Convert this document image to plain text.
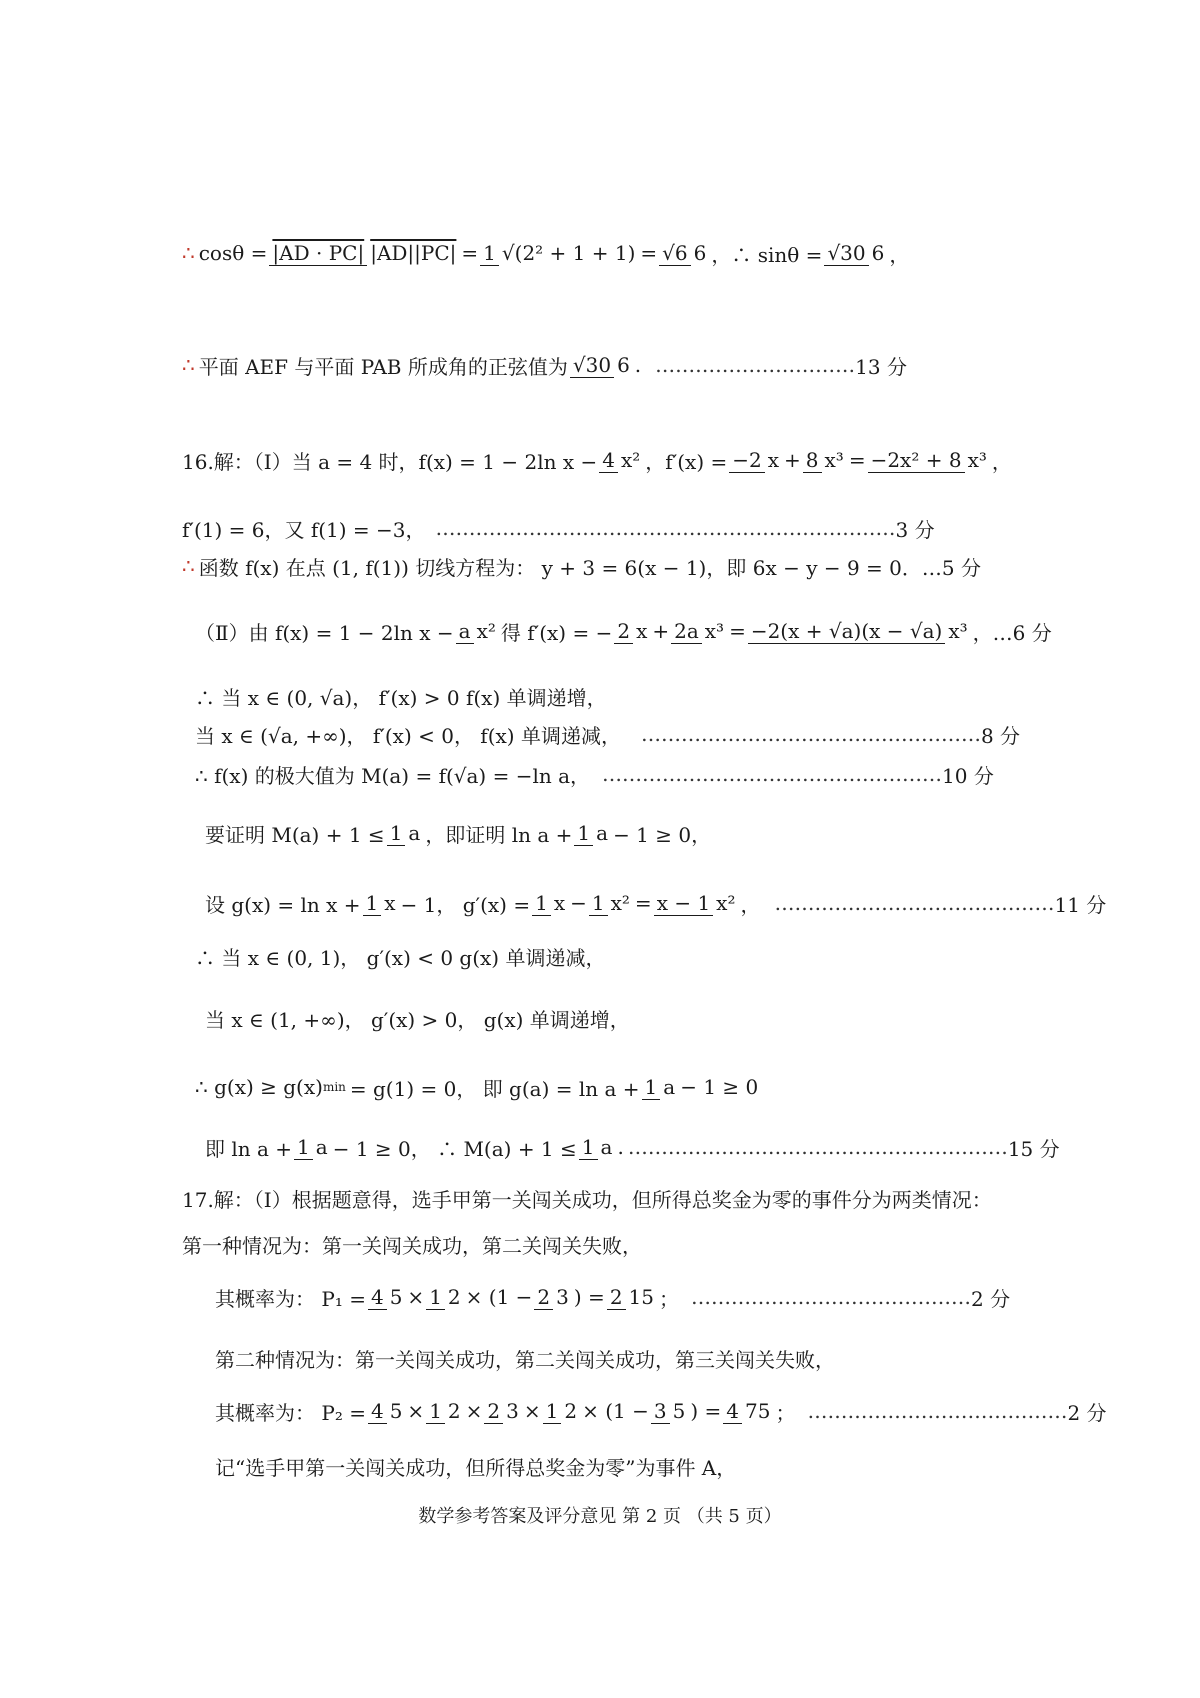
∴ cosθ = |AD · PC| |AD||PC| = 1 √(2² + 1 + 1) = √6 6 ，∴ sinθ = √30 6 ，
∴ 平面 AEF 与平面 PAB 所成角的正弦值为 √30 6 . ………………………… 13 分
16.解：（Ⅰ）当 a = 4 时，f(x) = 1 − 2ln x − 4 x² ，f′(x) = −2 x + 8 x³ = −2x² + 8 x³ ，
f′(1) = 6，又 f(1) = −3， …………………………………………………………… 3 分
∴ 函数 f(x) 在点 (1, f(1)) 切线方程为： y + 3 = 6(x − 1)，即 6x − y − 9 = 0．…5 分
（Ⅱ）由 f(x) = 1 − 2ln x − a x² 得 f′(x) = − 2 x + 2a x³ = −2(x + √a)(x − √a) x³ ，…6 分
∴ 当 x ∈ (0, √a)， f′(x) > 0 f(x) 单调递增，
当 x ∈ (√a, +∞)， f′(x) < 0， f(x) 单调递减， …………………………………………… 8 分
∴ f(x) 的极大值为 M(a) = f(√a) = −ln a， …………………………………………… 10 分
要证明 M(a) + 1 ≤ 1 a ，即证明 ln a + 1 a − 1 ≥ 0，
设 g(x) = ln x + 1 x − 1， g′(x) = 1 x − 1 x² = x − 1 x² ， …………………………………… 11 分
∴ 当 x ∈ (0, 1)， g′(x) < 0 g(x) 单调递减，
当 x ∈ (1, +∞)， g′(x) > 0， g(x) 单调递增，
∴ g(x) ≥ g(x) min = g(1) = 0， 即 g(a) = ln a + 1 a − 1 ≥ 0
即 ln a + 1 a − 1 ≥ 0， ∴ M(a) + 1 ≤ 1 a . ………………………………………………… 15 分
17.解：（Ⅰ）根据题意得，选手甲第一关闯关成功，但所得总奖金为零的事件分为两类情况：
第一种情况为：第一关闯关成功，第二关闯关失败，
其概率为： P₁ = 4 5 × 1 2 × (1 − 2 3 ) = 2 15 ； …………………………………… 2 分
第二种情况为：第一关闯关成功，第二关闯关成功，第三关闯关失败，
其概率为： P₂ = 4 5 × 1 2 × 2 3 × 1 2 × (1 − 3 5 ) = 4 75 ； ………………………………… 2 分
记“选手甲第一关闯关成功，但所得总奖金为零”为事件 A，
数学参考答案及评分意见 第 2 页 （共 5 页）
